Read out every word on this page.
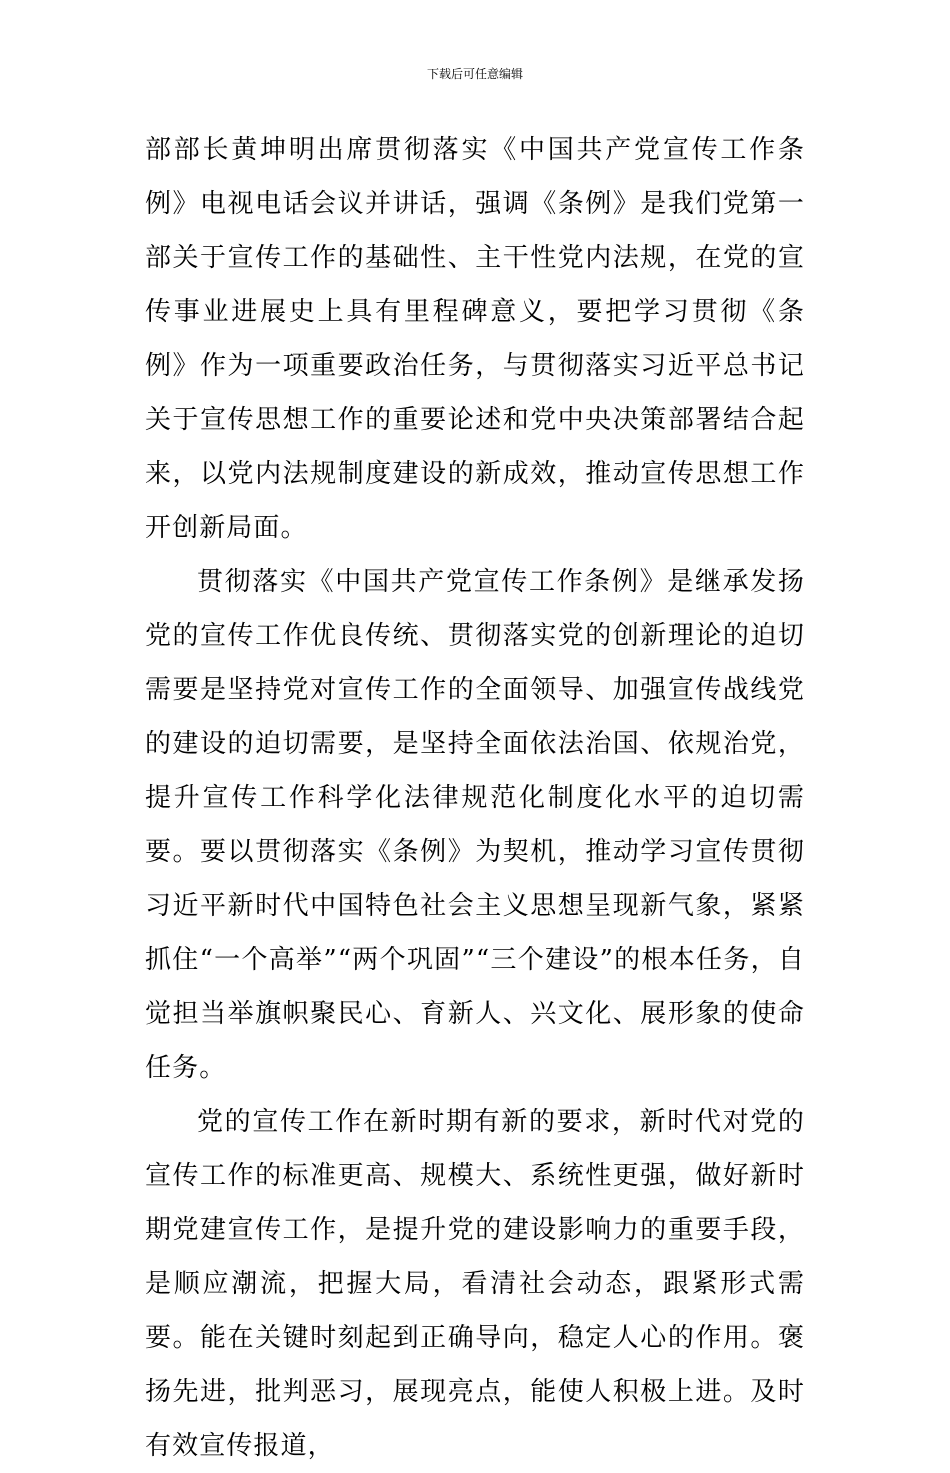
下载后可任意编辑

部部长黄坤明出席贯彻落实《中国共产党宣传工作条例》电视电话会议并讲话，强调《条例》是我们党第一部关于宣传工作的基础性、主干性党内法规，在党的宣传事业进展史上具有里程碑意义，要把学习贯彻《条例》作为一项重要政治任务，与贯彻落实习近平总书记关于宣传思想工作的重要论述和党中央决策部署结合起来，以党内法规制度建设的新成效，推动宣传思想工作开创新局面。

贯彻落实《中国共产党宣传工作条例》是继承发扬党的宣传工作优良传统、贯彻落实党的创新理论的迫切需要是坚持党对宣传工作的全面领导、加强宣传战线党的建设的迫切需要，是坚持全面依法治国、依规治党，提升宣传工作科学化法律规范化制度化水平的迫切需要。要以贯彻落实《条例》为契机，推动学习宣传贯彻习近平新时代中国特色社会主义思想呈现新气象，紧紧抓住“一个高举”“两个巩固”“三个建设”的根本任务，自觉担当举旗帜聚民心、育新人、兴文化、展形象的使命任务。

党的宣传工作在新时期有新的要求，新时代对党的宣传工作的标准更高、规模大、系统性更强，做好新时期党建宣传工作，是提升党的建设影响力的重要手段，是顺应潮流，把握大局，看清社会动态，跟紧形式需要。能在关键时刻起到正确导向，稳定人心的作用。褒扬先进，批判恶习，展现亮点，能使人积极上进。及时有效宣传报道，
